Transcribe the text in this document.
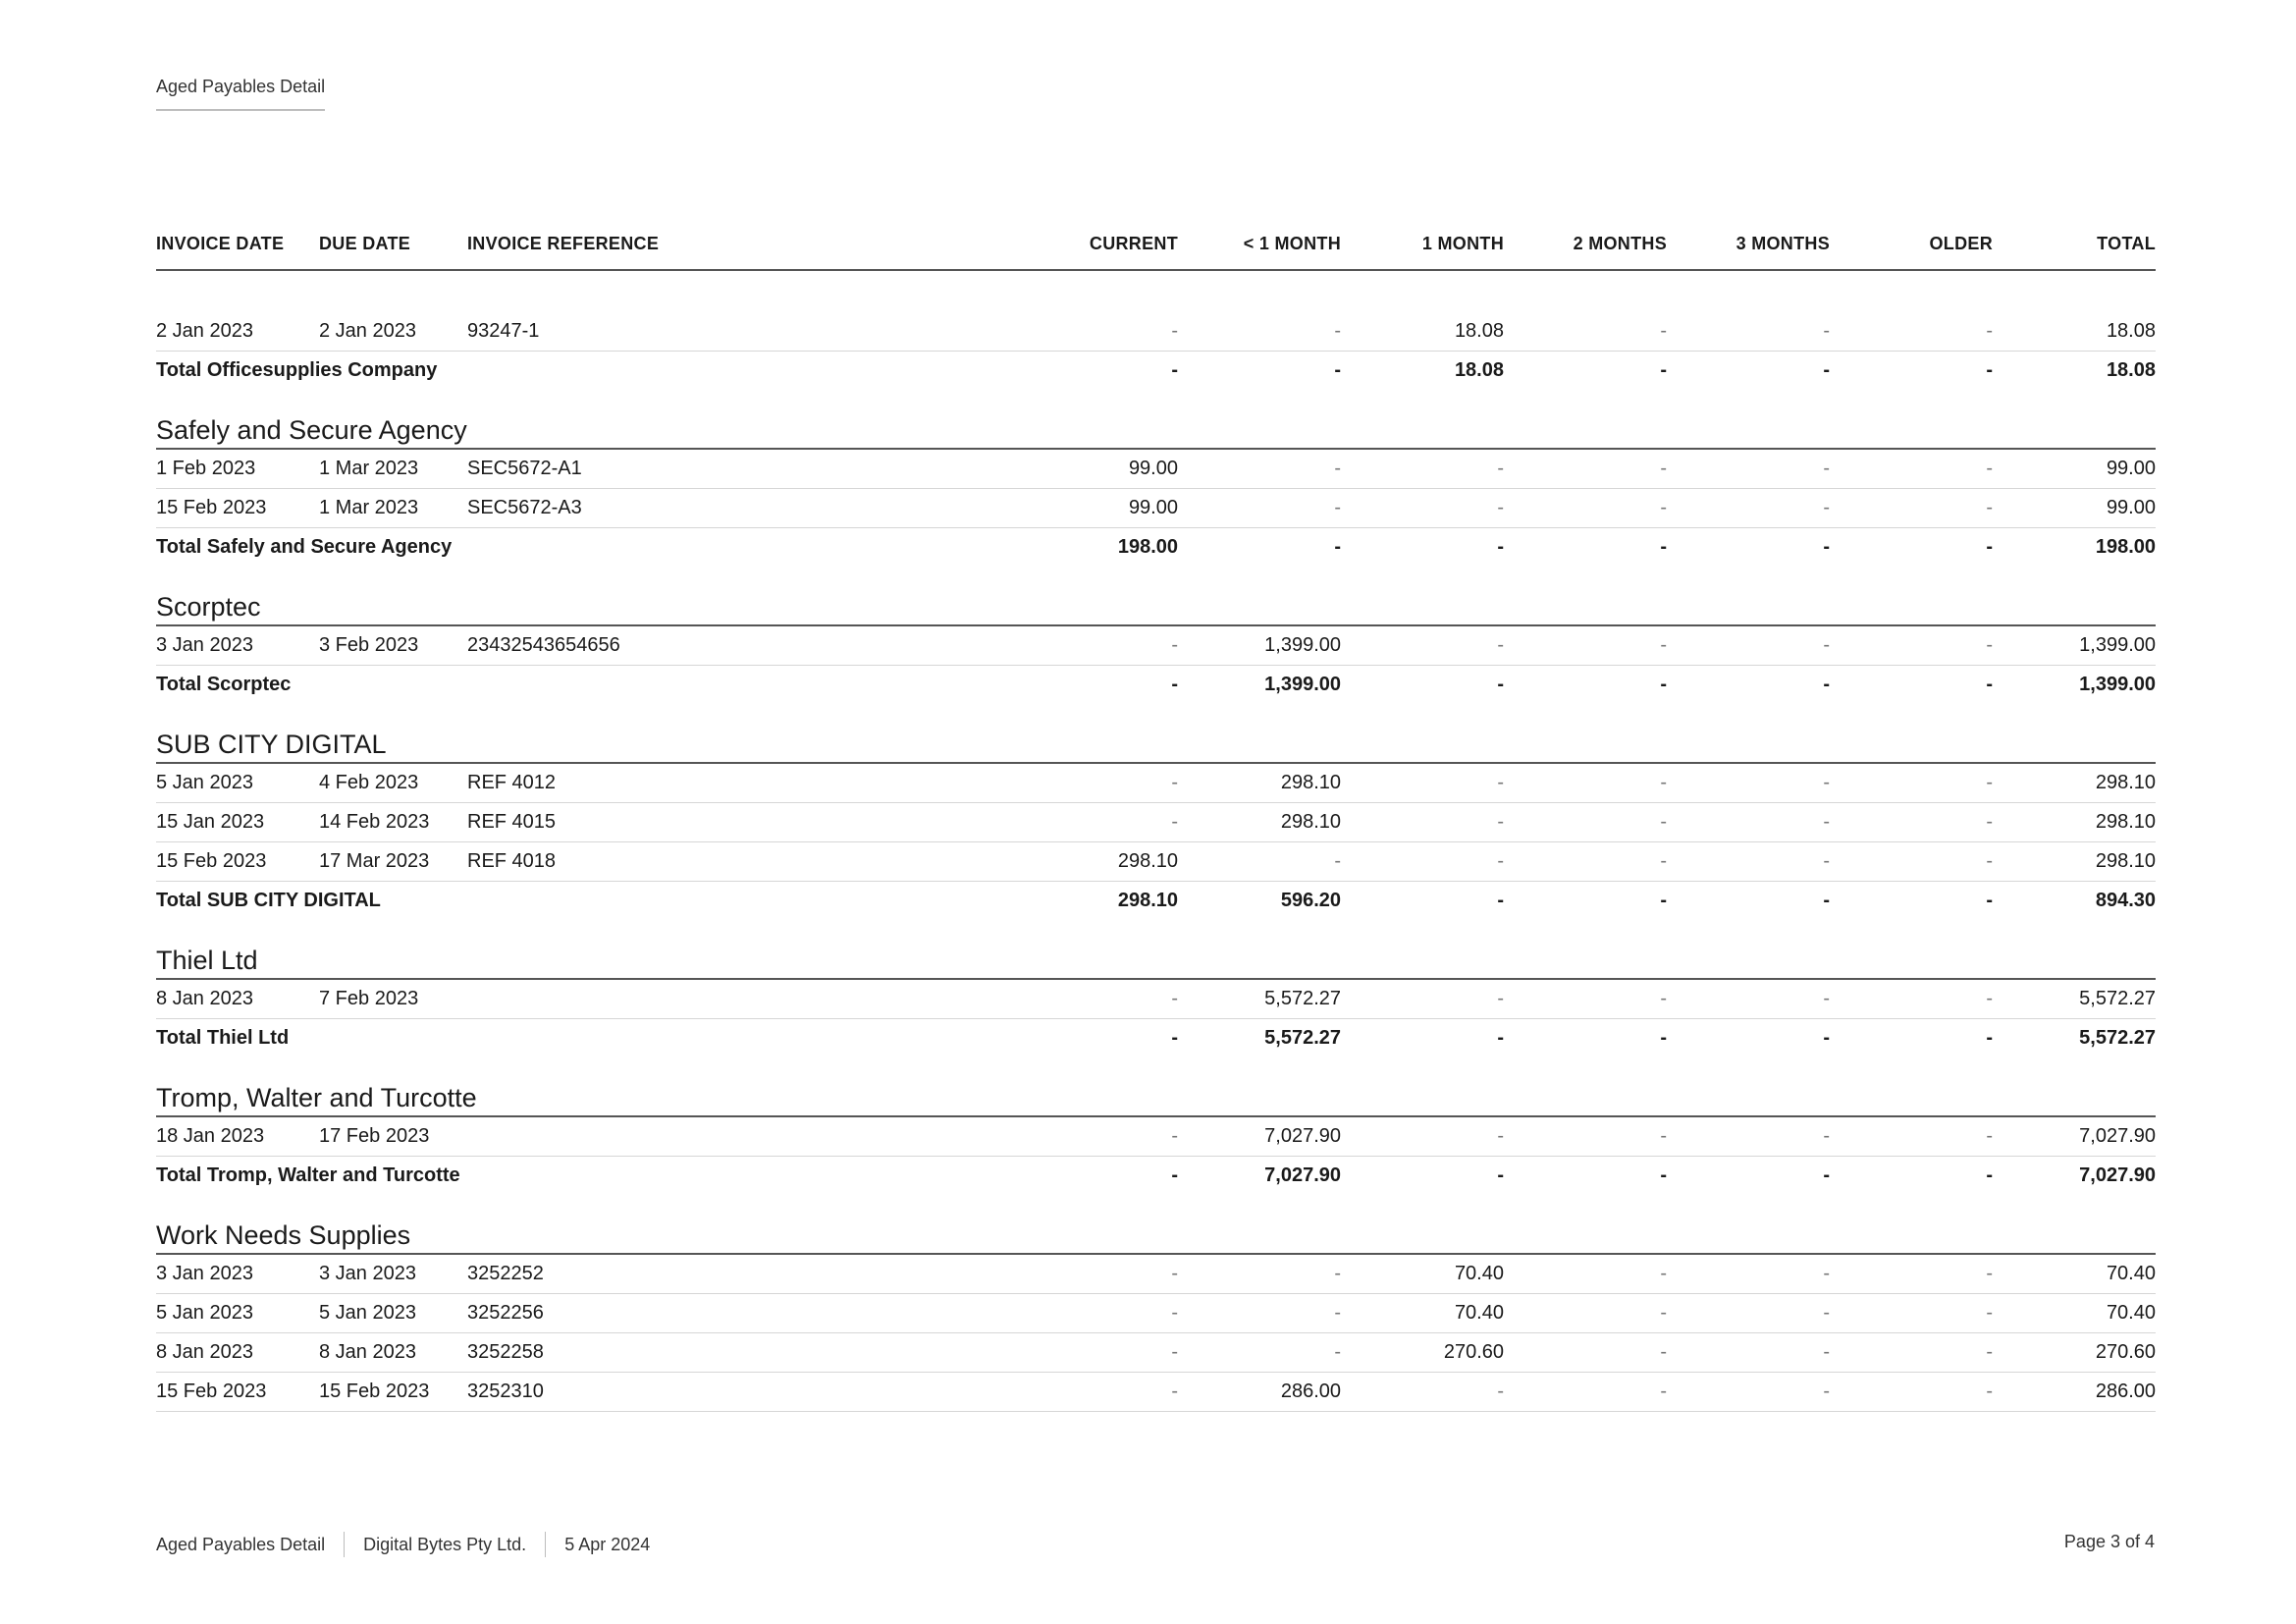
Aged Payables Detail
INVOICE DATE	DUE DATE	INVOICE REFERENCE	CURRENT	< 1 MONTH	1 MONTH	2 MONTHS	3 MONTHS	OLDER	TOTAL

2 Jan 2023	2 Jan 2023	93247-1	-	-	18.08	-	-	-	18.08
Total Officesupplies Company			-	-	18.08	-	-	-	18.08

Safely and Secure Agency									
1 Feb 2023	1 Mar 2023	SEC5672-A1	99.00	-	-	-	-	-	99.00
15 Feb 2023	1 Mar 2023	SEC5672-A3	99.00	-	-	-	-	-	99.00
Total Safely and Secure Agency			198.00	-	-	-	-	-	198.00

Scorptec									
3 Jan 2023	3 Feb 2023	23432543654656	-	1,399.00	-	-	-	-	1,399.00
Total Scorptec			-	1,399.00	-	-	-	-	1,399.00

SUB CITY DIGITAL									
5 Jan 2023	4 Feb 2023	REF 4012	-	298.10	-	-	-	-	298.10
15 Jan 2023	14 Feb 2023	REF 4015	-	298.10	-	-	-	-	298.10
15 Feb 2023	17 Mar 2023	REF 4018	298.10	-	-	-	-	-	298.10
Total SUB CITY DIGITAL			298.10	596.20	-	-	-	-	894.30

Thiel Ltd									
8 Jan 2023	7 Feb 2023		-	5,572.27	-	-	-	-	5,572.27
Total Thiel Ltd			-	5,572.27	-	-	-	-	5,572.27

Tromp, Walter and Turcotte									
18 Jan 2023	17 Feb 2023		-	7,027.90	-	-	-	-	7,027.90
Total Tromp, Walter and Turcotte			-	7,027.90	-	-	-	-	7,027.90

Work Needs Supplies									
3 Jan 2023	3 Jan 2023	3252252	-	-	70.40	-	-	-	70.40
5 Jan 2023	5 Jan 2023	3252256	-	-	70.40	-	-	-	70.40
8 Jan 2023	8 Jan 2023	3252258	-	-	270.60	-	-	-	270.60
15 Feb 2023	15 Feb 2023	3252310	-	286.00	-	-	-	-	286.00
Aged Payables Detail Digital Bytes Pty Ltd. 5 Apr 2024	Page 3 of 4
